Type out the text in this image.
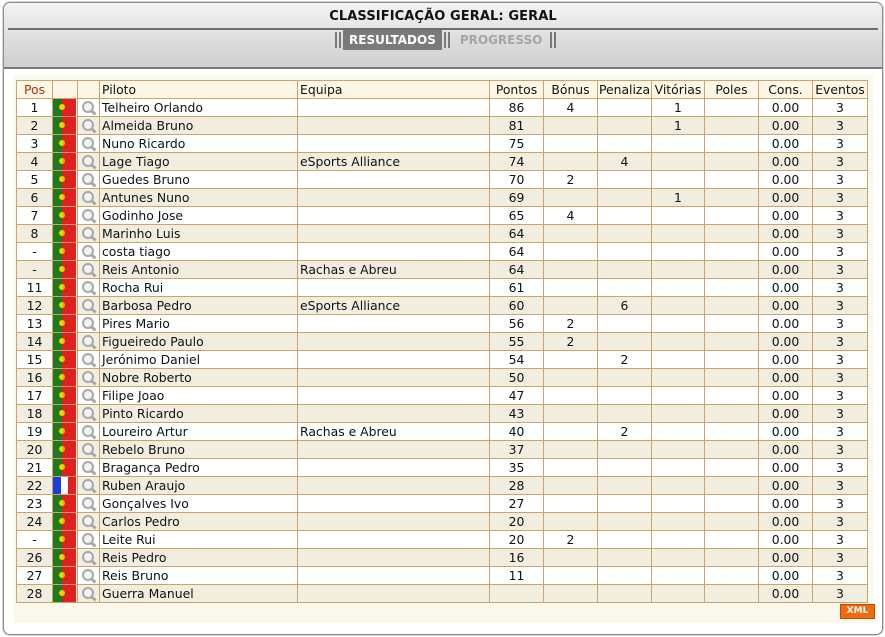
CLASSIFICAÇÃO GERAL: GERAL
RESULTADOS	PROGRESSO
Pos			Piloto	Equipa	Pontos	Bónus	Penaliza	Vitórias	Poles	Cons.	Eventos
1			Telheiro Orlando		86	4		1		0.00	3
2			Almeida Bruno		81			1		0.00	3
3			Nuno Ricardo		75					0.00	3
4			Lage Tiago	eSports Alliance	74		4			0.00	3
5			Guedes Bruno		70	2				0.00	3
6			Antunes Nuno		69			1		0.00	3
7			Godinho Jose		65	4				0.00	3
8			Marinho Luis		64					0.00	3
-			costa tiago		64					0.00	3
-			Reis Antonio	Rachas e Abreu	64					0.00	3
11			Rocha Rui		61					0.00	3
12			Barbosa Pedro	eSports Alliance	60		6			0.00	3
13			Pires Mario		56	2				0.00	3
14			Figueiredo Paulo		55	2				0.00	3
15			Jerónimo Daniel		54		2			0.00	3
16			Nobre Roberto		50					0.00	3
17			Filipe Joao		47					0.00	3
18			Pinto Ricardo		43					0.00	3
19			Loureiro Artur	Rachas e Abreu	40		2			0.00	3
20			Rebelo Bruno		37					0.00	3
21			Bragança Pedro		35					0.00	3
22			Ruben Araujo		28					0.00	3
23			Gonçalves Ivo		27					0.00	3
24			Carlos Pedro		20					0.00	3
-			Leite Rui		20	2				0.00	3
26			Reis Pedro		16					0.00	3
27			Reis Bruno		11					0.00	3
28			Guerra Manuel							0.00	3
XML
